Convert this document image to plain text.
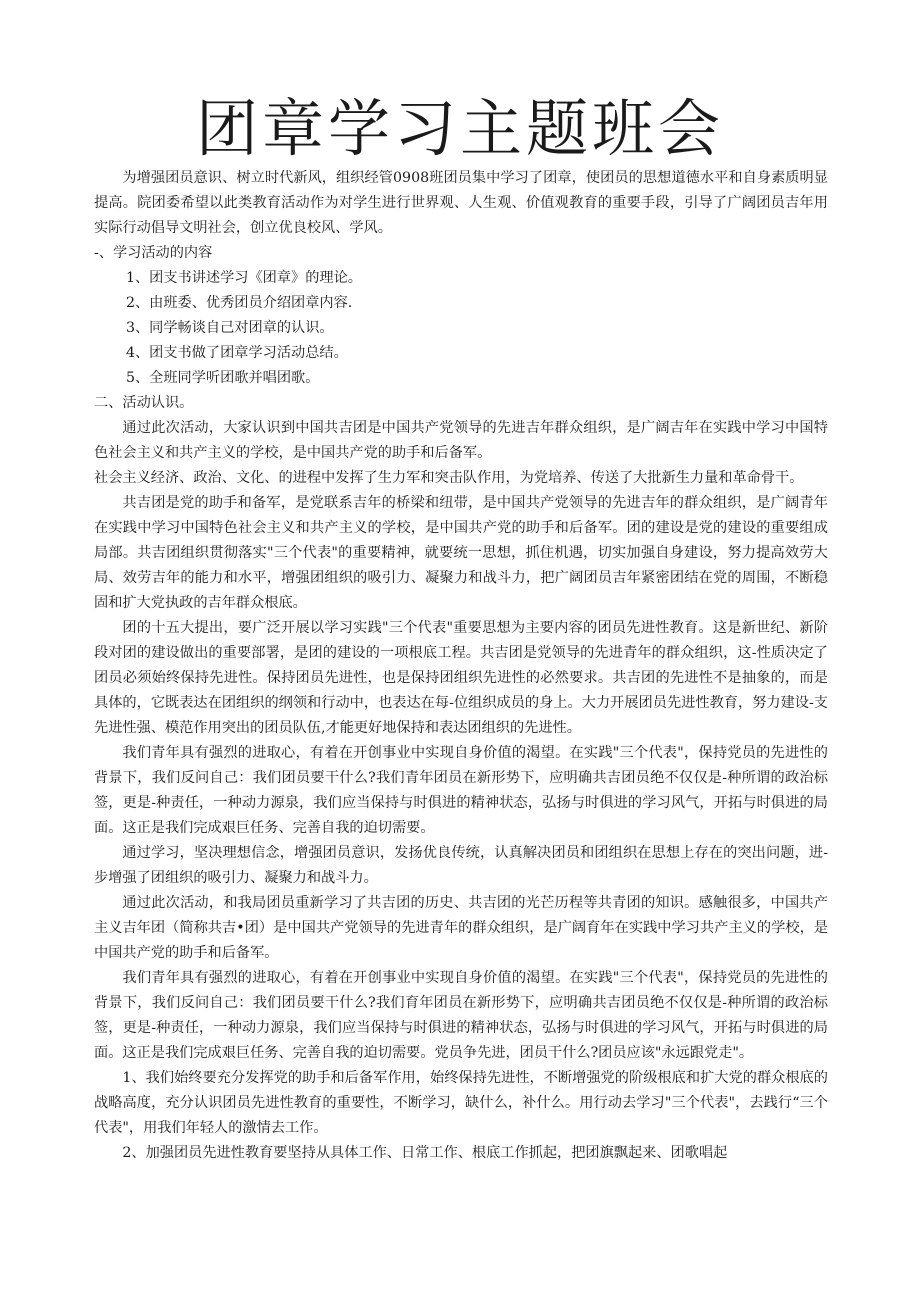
团章学习主题班会

为增强团员意识、树立时代新风，组织经管0908班团员集中学习了团章，使团员的思想道德水平和自身素质明显提高。院团委希望以此类教育活动作为对学生进行世界观、人生观、价值观教育的重要手段，引导了广阔团员吉年用实际行动倡导文明社会，创立优良校风、学风。

-、学习活动的内容

1、团支书讲述学习《团章》的理论。

2、由班委、优秀团员介绍团章内容.

3、同学畅谈自己对团章的认识。

4、团支书做了团章学习活动总结。

5、全班同学听团歌并唱团歌。

二、活动认识。

通过此次活动，大家认识到中国共吉团是中国共产党领导的先进吉年群众组织，是广阔吉年在实践中学习中国特色社会主义和共产主义的学校，是中国共产党的助手和后备军。

社会主义经济、政治、文化、的进程中发挥了生力军和突击队作用，为党培养、传送了大批新生力量和革命骨干。

共吉团是党的助手和备军，是党联系吉年的桥梁和纽带，是中国共产党领导的先进吉年的群众组织，是广阔青年在实践中学习中国特色社会主义和共产主义的学校，是中国共产党的助手和后备军。团的建设是党的建设的重要组成局部。共吉团组织贯彻落实"三个代表"的重要精神，就要统一思想，抓住机遇，切实加强自身建设，努力提高效劳大局、效劳吉年的能力和水平，增强团组织的吸引力、凝聚力和战斗力，把广阔团员吉年紧密团结在党的周围，不断稳固和扩大党执政的吉年群众根底。

团的十五大提出，要广泛开展以学习实践"三个代表"重要思想为主要内容的团员先进性教育。这是新世纪、新阶段对团的建设做出的重要部署，是团的建设的一项根底工程。共吉团是党领导的先进青年的群众组织，这-性质决定了团员必须始终保持先进性。保持团员先进性，也是保持团组织先进性的必然要求。共吉团的先进性不是抽象的，而是具体的，它既表达在团组织的纲领和行动中，也表达在每-位组织成员的身上。大力开展团员先进性教育，努力建设-支先进性强、模范作用突出的团员队伍,才能更好地保持和表达团组织的先进性。

我们青年具有强烈的进取心，有着在开创事业中实现自身价值的渴望。在实践"三个代表"，保持党员的先进性的背景下，我们反问自己：我们团员要干什么?我们青年团员在新形势下，应明确共吉团员绝不仅仅是-种所谓的政治标签，更是-种责任，一种动力源泉，我们应当保持与时俱进的精神状态，弘扬与时俱进的学习风气，开拓与时俱进的局面。这正是我们完成艰巨任务、完善自我的迫切需要。

通过学习，坚决理想信念，增强团员意识，发扬优良传统，认真解决团员和团组织在思想上存在的突出问题，进-步增强了团组织的吸引力、凝聚力和战斗力。

通过此次活动，和我局团员重新学习了共吉团的历史、共吉团的光芒历程等共青团的知识。感触很多，中国共产主义吉年团（简称共吉•团）是中国共产党领导的先进青年的群众组织，是广阔育年在实践中学习共产主义的学校，是中国共产党的助手和后备军。

我们青年具有强烈的进取心，有着在开创事业中实现自身价值的渴望。在实践"三个代表"，保持党员的先进性的背景下，我们反问自己：我们团员要干什么?我们育年团员在新形势下，应明确共吉团员绝不仅仅是-种所谓的政治标签，更是-种责任，一种动力源泉，我们应当保持与时俱进的精神状态，弘扬与时俱进的学习风气，开拓与时俱进的局面。这正是我们完成艰巨任务、完善自我的迫切需要。党员争先进，团员干什么?团员应该"永远跟党走"。

1、我们始终要充分发挥党的助手和后备军作用，始终保持先进性，不断增强党的阶级根底和扩大党的群众根底的战略高度，充分认识团员先进性教育的重要性，不断学习，缺什么，补什么。用行动去学习"三个代表"，去践行“三个代表"，用我们年轻人的激情去工作。

2、加强团员先进性教育要坚持从具体工作、日常工作、根底工作抓起，把团旗飘起来、团歌唱起
